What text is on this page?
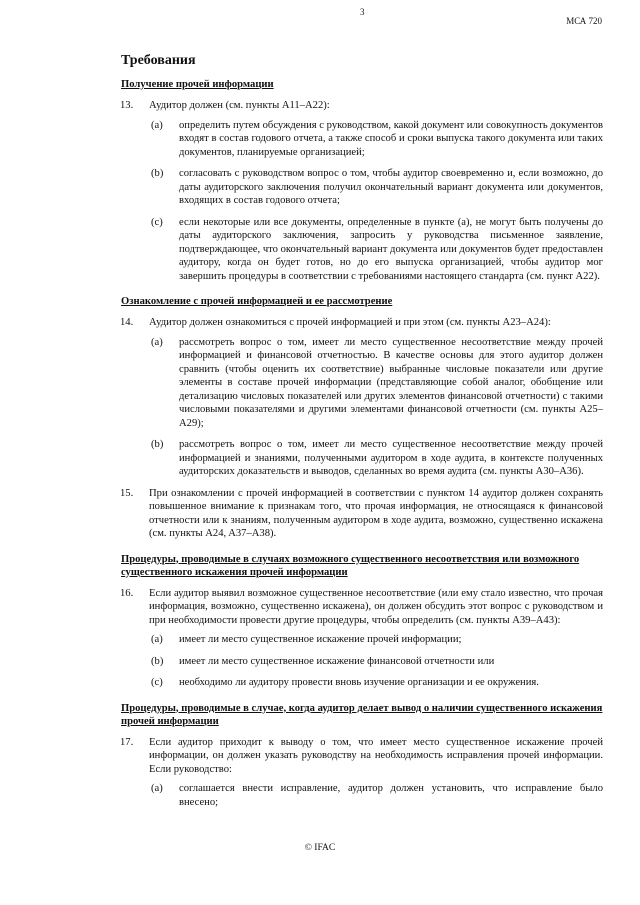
3
МСА 720
Требования
Получение прочей информации
13. Аудитор должен (см. пункты A11–A22):
(a) определить путем обсуждения с руководством, какой документ или совокупность документов входят в состав годового отчета, а также способ и сроки выпуска такого документа или таких документов, планируемые организацией;
(b) согласовать с руководством вопрос о том, чтобы аудитор своевременно и, если возможно, до даты аудиторского заключения получил окончательный вариант документа или документов, входящих в состав годового отчета;
(c) если некоторые или все документы, определенные в пункте (a), не могут быть получены до даты аудиторского заключения, запросить у руководства письменное заявление, подтверждающее, что окончательный вариант документа или документов будет предоставлен аудитору, когда он будет готов, но до его выпуска организацией, чтобы аудитор мог завершить процедуры в соответствии с требованиями настоящего стандарта (см. пункт A22).
Ознакомление с прочей информацией и ее рассмотрение
14. Аудитор должен ознакомиться с прочей информацией и при этом (см. пункты A23–A24):
(a) рассмотреть вопрос о том, имеет ли место существенное несоответствие между прочей информацией и финансовой отчетностью. В качестве основы для этого аудитор должен сравнить (чтобы оценить их соответствие) выбранные числовые показатели или другие элементы в составе прочей информации (представляющие собой аналог, обобщение или детализацию числовых показателей или других элементов финансовой отчетности) с такими числовыми показателями и другими элементами финансовой отчетности (см. пункты A25–A29);
(b) рассмотреть вопрос о том, имеет ли место существенное несоответствие между прочей информацией и знаниями, полученными аудитором в ходе аудита, в контексте полученных аудиторских доказательств и выводов, сделанных во время аудита (см. пункты A30–A36).
15. При ознакомлении с прочей информацией в соответствии с пунктом 14 аудитор должен сохранять повышенное внимание к признакам того, что прочая информация, не относящаяся к финансовой отчетности или к знаниям, полученным аудитором в ходе аудита, возможно, существенно искажена (см. пункты A24, A37–A38).
Процедуры, проводимые в случаях возможного существенного несоответствия или возможного существенного искажения прочей информации
16. Если аудитор выявил возможное существенное несоответствие (или ему стало известно, что прочая информация, возможно, существенно искажена), он должен обсудить этот вопрос с руководством и при необходимости провести другие процедуры, чтобы определить (см. пункты A39–A43):
(a) имеет ли место существенное искажение прочей информации;
(b) имеет ли место существенное искажение финансовой отчетности или
(c) необходимо ли аудитору провести вновь изучение организации и ее окружения.
Процедуры, проводимые в случае, когда аудитор делает вывод о наличии существенного искажения прочей информации
17. Если аудитор приходит к выводу о том, что имеет место существенное искажение прочей информации, он должен указать руководству на необходимость исправления прочей информации. Если руководство:
(a) соглашается внести исправление, аудитор должен установить, что исправление было внесено;
© IFAC
